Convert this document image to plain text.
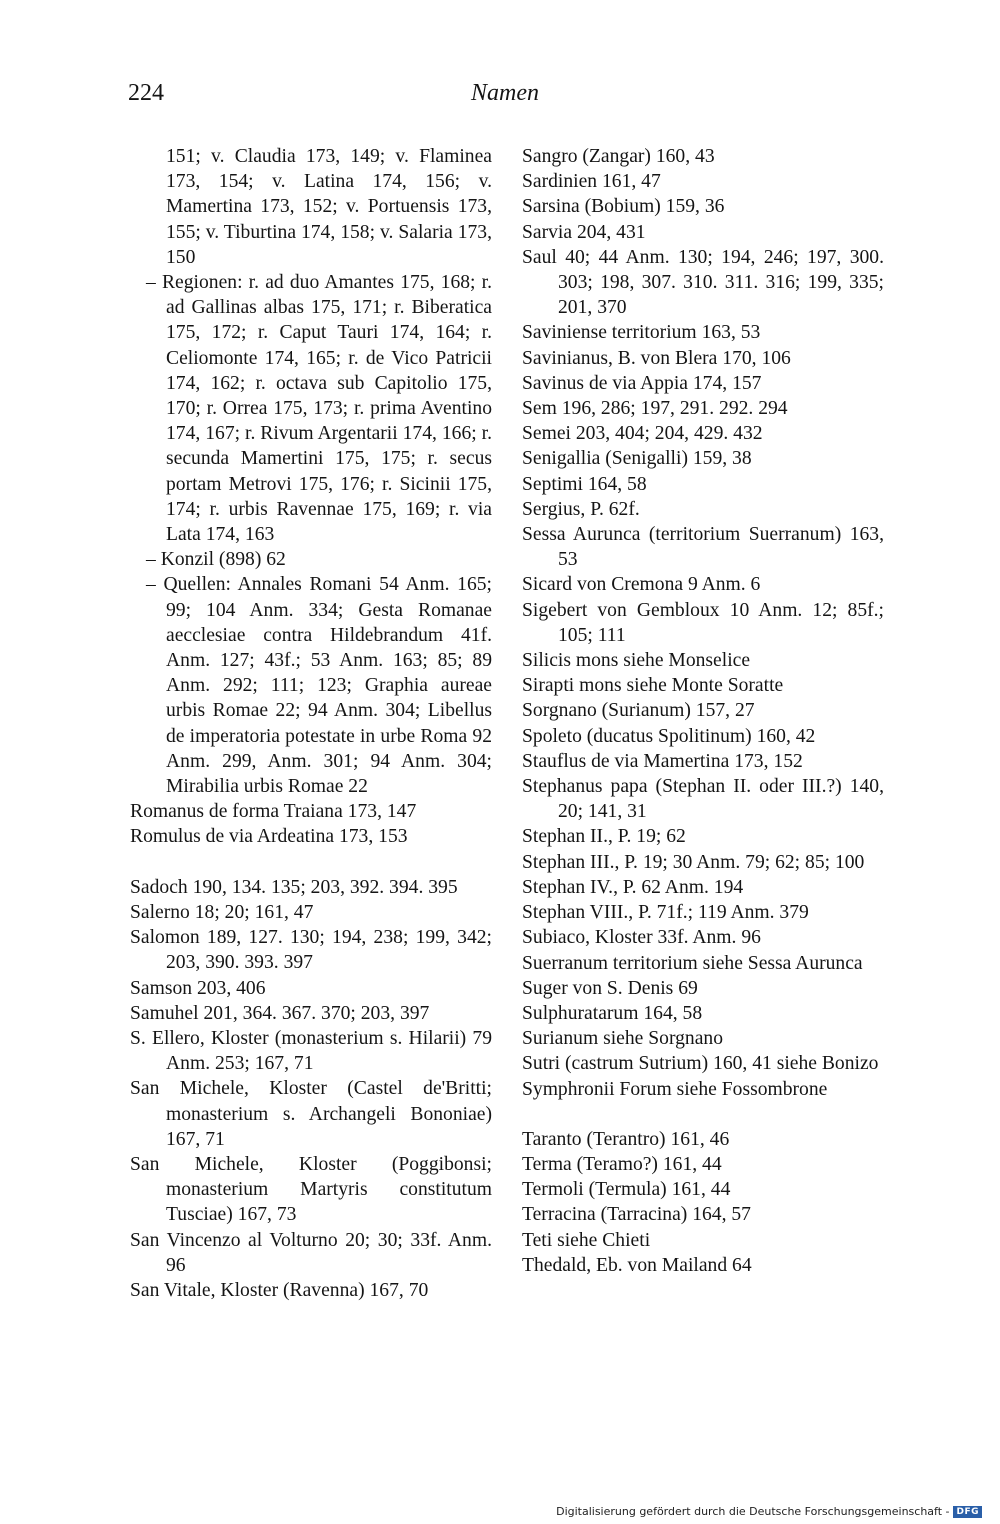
224	Namen
151; v. Claudia 173, 149; v. Flaminea 173, 154; v. Latina 174, 156; v. Mamertina 173, 152; v. Portuensis 173, 155; v. Tiburtina 174, 158; v. Salaria 173, 150
– Regionen: r. ad duo Amantes 175, 168; r. ad Gallinas albas 175, 171; r. Biberatica 175, 172; r. Caput Tauri 174, 164; r. Celiomonte 174, 165; r. de Vico Patricii 174, 162; r. octava sub Capitolio 175, 170; r. Orrea 175, 173; r. prima Aventino 174, 167; r. Rivum Argentarii 174, 166; r. secunda Mamertini 175, 175; r. secus portam Metrovi 175, 176; r. Sicinii 175, 174; r. urbis Ravennae 175, 169; r. via Lata 174, 163
– Konzil (898) 62
– Quellen: Annales Romani 54 Anm. 165; 99; 104 Anm. 334; Gesta Romanae aecclesiae contra Hildebrandum 41f. Anm. 127; 43f.; 53 Anm. 163; 85; 89 Anm. 292; 111; 123; Graphia aureae urbis Romae 22; 94 Anm. 304; Libellus de imperatoria potestate in urbe Roma 92 Anm. 299, Anm. 301; 94 Anm. 304; Mirabilia urbis Romae 22
Romanus de forma Traiana 173, 147
Romulus de via Ardeatina 173, 153
Sadoch 190, 134. 135; 203, 392. 394. 395
Salerno 18; 20; 161, 47
Salomon 189, 127. 130; 194, 238; 199, 342; 203, 390. 393. 397
Samson 203, 406
Samuhel 201, 364. 367. 370; 203, 397
S. Ellero, Kloster (monasterium s. Hilarii) 79 Anm. 253; 167, 71
San Michele, Kloster (Castel de'Britti; monasterium s. Archangeli Bononiae) 167, 71
San Michele, Kloster (Poggibonsi; monasterium Martyris constitutum Tusciae) 167, 73
San Vincenzo al Volturno 20; 30; 33f. Anm. 96
San Vitale, Kloster (Ravenna) 167, 70
Sangro (Zangar) 160, 43
Sardinien 161, 47
Sarsina (Bobium) 159, 36
Sarvia 204, 431
Saul 40; 44 Anm. 130; 194, 246; 197, 300. 303; 198, 307. 310. 311. 316; 199, 335; 201, 370
Saviniense territorium 163, 53
Savinianus, B. von Blera 170, 106
Savinus de via Appia 174, 157
Sem 196, 286; 197, 291. 292. 294
Semei 203, 404; 204, 429. 432
Senigallia (Senigalli) 159, 38
Septimi 164, 58
Sergius, P. 62f.
Sessa Aurunca (territorium Suerranum) 163, 53
Sicard von Cremona 9 Anm. 6
Sigebert von Gembloux 10 Anm. 12; 85f.; 105; 111
Silicis mons siehe Monselice
Sirapti mons siehe Monte Soratte
Sorgnano (Surianum) 157, 27
Spoleto (ducatus Spolitinum) 160, 42
Stauflus de via Mamertina 173, 152
Stephanus papa (Stephan II. oder III.?) 140, 20; 141, 31
Stephan II., P. 19; 62
Stephan III., P. 19; 30 Anm. 79; 62; 85; 100
Stephan IV., P. 62 Anm. 194
Stephan VIII., P. 71f.; 119 Anm. 379
Subiaco, Kloster 33f. Anm. 96
Suerranum territorium siehe Sessa Aurunca
Suger von S. Denis 69
Sulphuratarum 164, 58
Surianum siehe Sorgnano
Sutri (castrum Sutrium) 160, 41 siehe Bonizo
Symphronii Forum siehe Fossombrone
Taranto (Terantro) 161, 46
Terma (Teramo?) 161, 44
Termoli (Termula) 161, 44
Terracina (Tarracina) 164, 57
Teti siehe Chieti
Thedald, Eb. von Mailand 64
Digitalisierung gefördert durch die Deutsche Forschungsgemeinschaft - DFG
